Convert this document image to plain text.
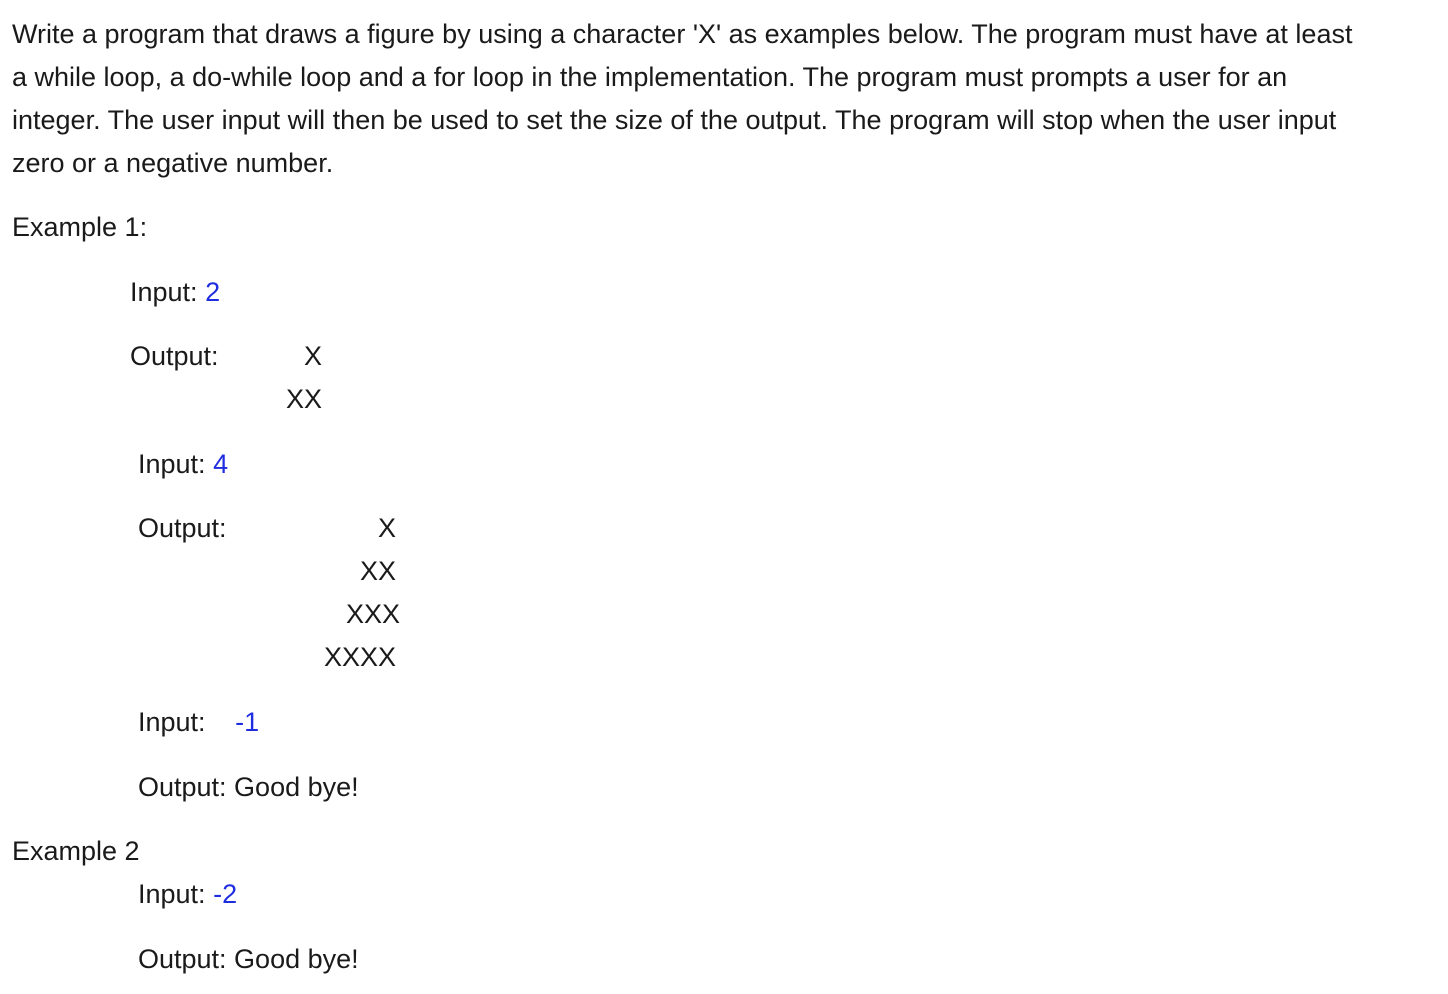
Write a program that draws a figure by using a character 'X' as examples below. The program must have at least
a while loop, a do-while loop and a for loop in the implementation. The program must prompts a user for an
integer. The user input will then be used to set the size of the output. The program will stop when the user input
zero or a negative number.
Example 1:
Input: 2
Output:	X
XX
Input: 4
Output:	X
XX
XXX
XXXX
Input: -1
Output: Good bye!
Example 2
Input: -2
Output: Good bye!
